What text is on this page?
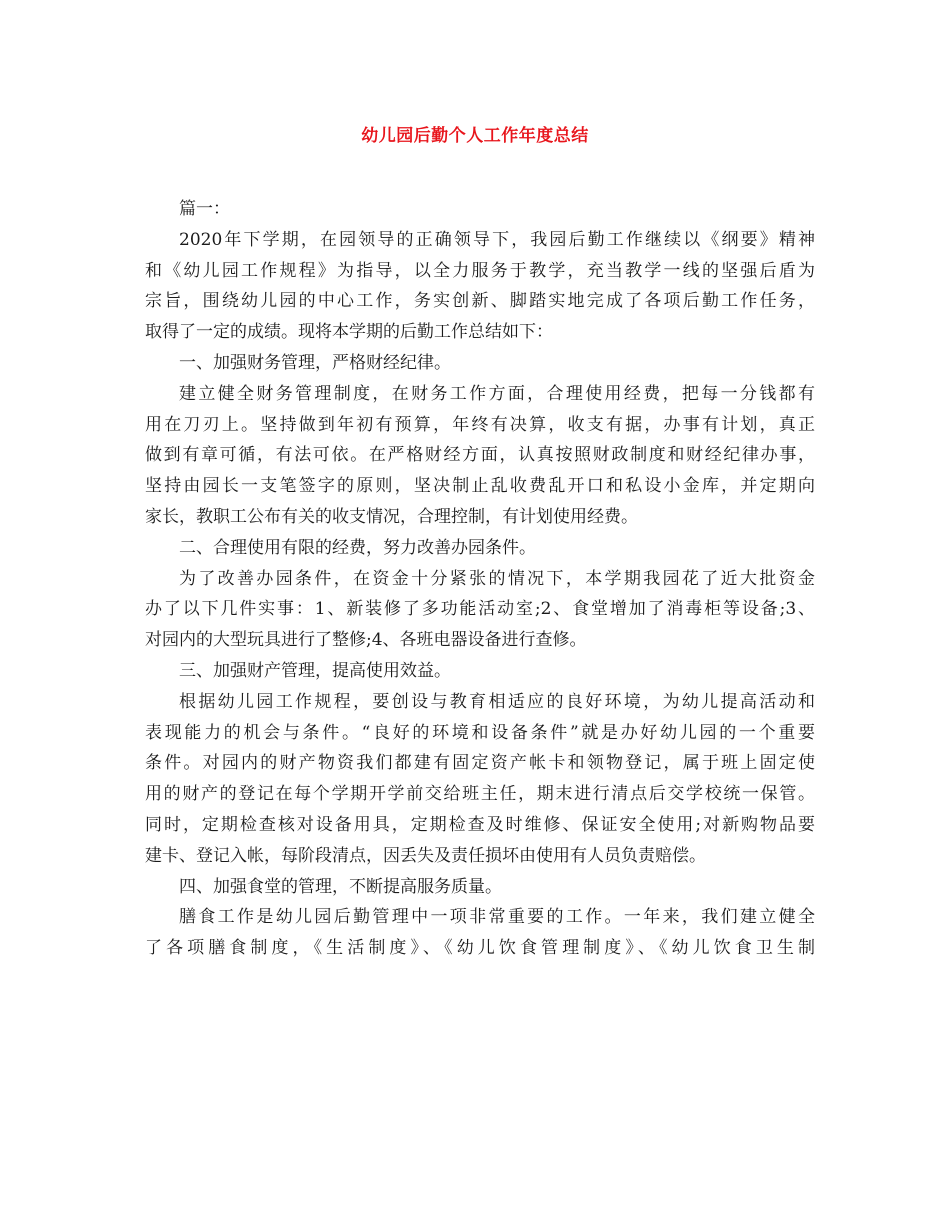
幼儿园后勤个人工作年度总结
篇一：
2020年下学期，在园领导的正确领导下，我园后勤工作继续以《纲要》精神
和《幼儿园工作规程》为指导，以全力服务于教学，充当教学一线的坚强后盾为
宗旨，围绕幼儿园的中心工作，务实创新、脚踏实地完成了各项后勤工作任务，
取得了一定的成绩。现将本学期的后勤工作总结如下：
一、加强财务管理，严格财经纪律。
建立健全财务管理制度，在财务工作方面，合理使用经费，把每一分钱都有
用在刀刃上。坚持做到年初有预算，年终有决算，收支有据，办事有计划，真正
做到有章可循，有法可依。在严格财经方面，认真按照财政制度和财经纪律办事，
坚持由园长一支笔签字的原则，坚决制止乱收费乱开口和私设小金库，并定期向
家长，教职工公布有关的收支情况，合理控制，有计划使用经费。
二、合理使用有限的经费，努力改善办园条件。
为了改善办园条件，在资金十分紧张的情况下，本学期我园花了近大批资金
办了以下几件实事：1、新装修了多功能活动室;2、食堂增加了消毒柜等设备;3、
对园内的大型玩具进行了整修;4、各班电器设备进行查修。
三、加强财产管理，提高使用效益。
根据幼儿园工作规程，要创设与教育相适应的良好环境，为幼儿提高活动和
表现能力的机会与条件。“良好的环境和设备条件”就是办好幼儿园的一个重要
条件。对园内的财产物资我们都建有固定资产帐卡和领物登记，属于班上固定使
用的财产的登记在每个学期开学前交给班主任，期末进行清点后交学校统一保管。
同时，定期检查核对设备用具，定期检查及时维修、保证安全使用;对新购物品要
建卡、登记入帐，每阶段清点，因丢失及责任损坏由使用有人员负责赔偿。
四、加强食堂的管理，不断提高服务质量。
膳食工作是幼儿园后勤管理中一项非常重要的工作。一年来，我们建立健全
了各项膳食制度，《生活制度》、《幼儿饮食管理制度》、《幼儿饮食卫生制
